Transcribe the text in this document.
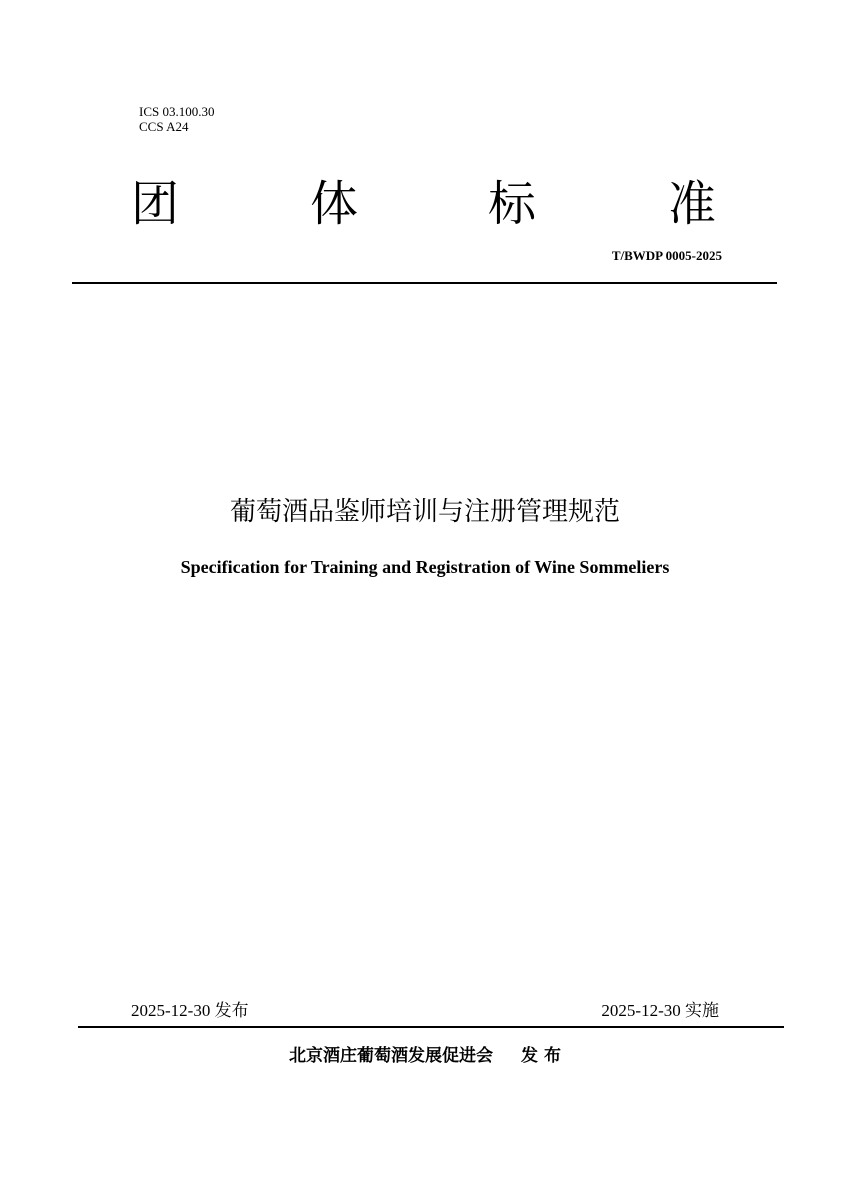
ICS 03.100.30
CCS A24
团	体	标	准
T/BWDP 0005-2025
葡萄酒品鉴师培训与注册管理规范
Specification for Training and Registration of Wine Sommeliers
2025-12-30 发布	2025-12-30 实施
北京酒庄葡萄酒发展促进会 发 布
